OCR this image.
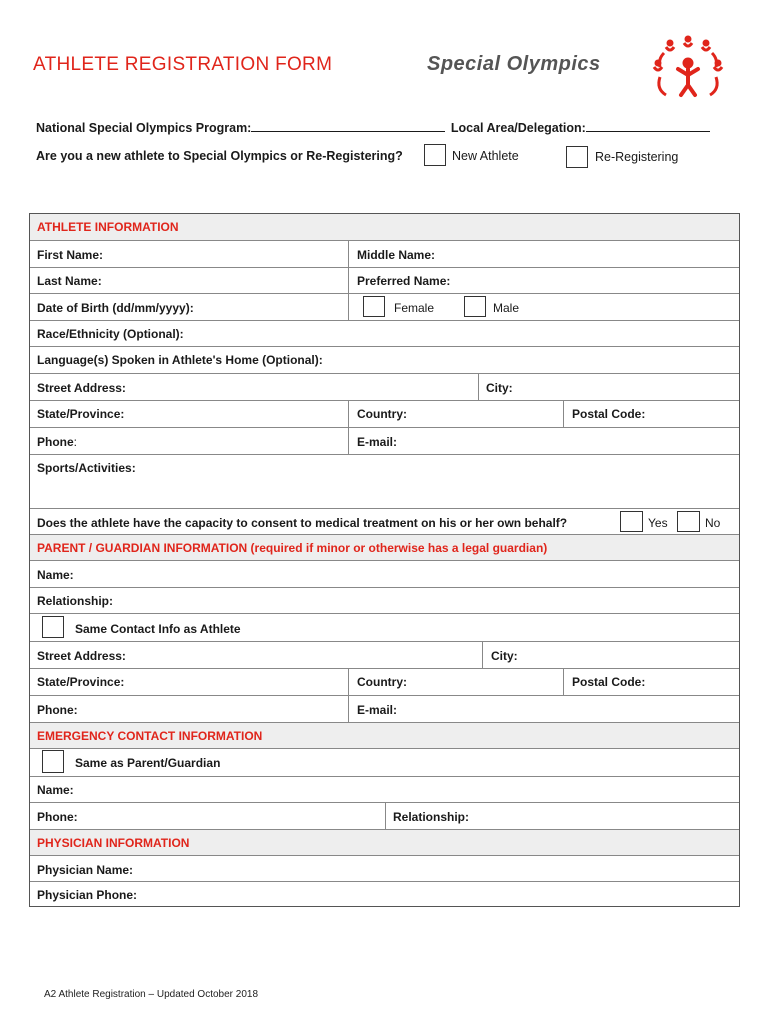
ATHLETE REGISTRATION FORM	Special Olympics
National Special Olympics Program:	Local Area/Delegation:
Are you a new athlete to Special Olympics or Re-Registering?	New Athlete	Re-Registering
ATHLETE INFORMATION
First Name:	Middle Name:
Last Name:	Preferred Name:
Date of Birth (dd/mm/yyyy):	Female	Male
Race/Ethnicity (Optional):
Language(s) Spoken in Athlete's Home (Optional):
Street Address:	City:
State/Province:	Country:	Postal Code:
Phone:	E-mail:
Sports/Activities:
Does the athlete have the capacity to consent to medical treatment on his or her own behalf?	Yes	No
PARENT / GUARDIAN INFORMATION (required if minor or otherwise has a legal guardian)
Name:
Relationship:
Same Contact Info as Athlete
Street Address:	City:
State/Province:	Country:	Postal Code:
Phone:	E-mail:
EMERGENCY CONTACT INFORMATION
Same as Parent/Guardian
Name:
Phone:	Relationship:
PHYSICIAN INFORMATION
Physician Name:
Physician Phone:
A2 Athlete Registration – Updated October 2018
